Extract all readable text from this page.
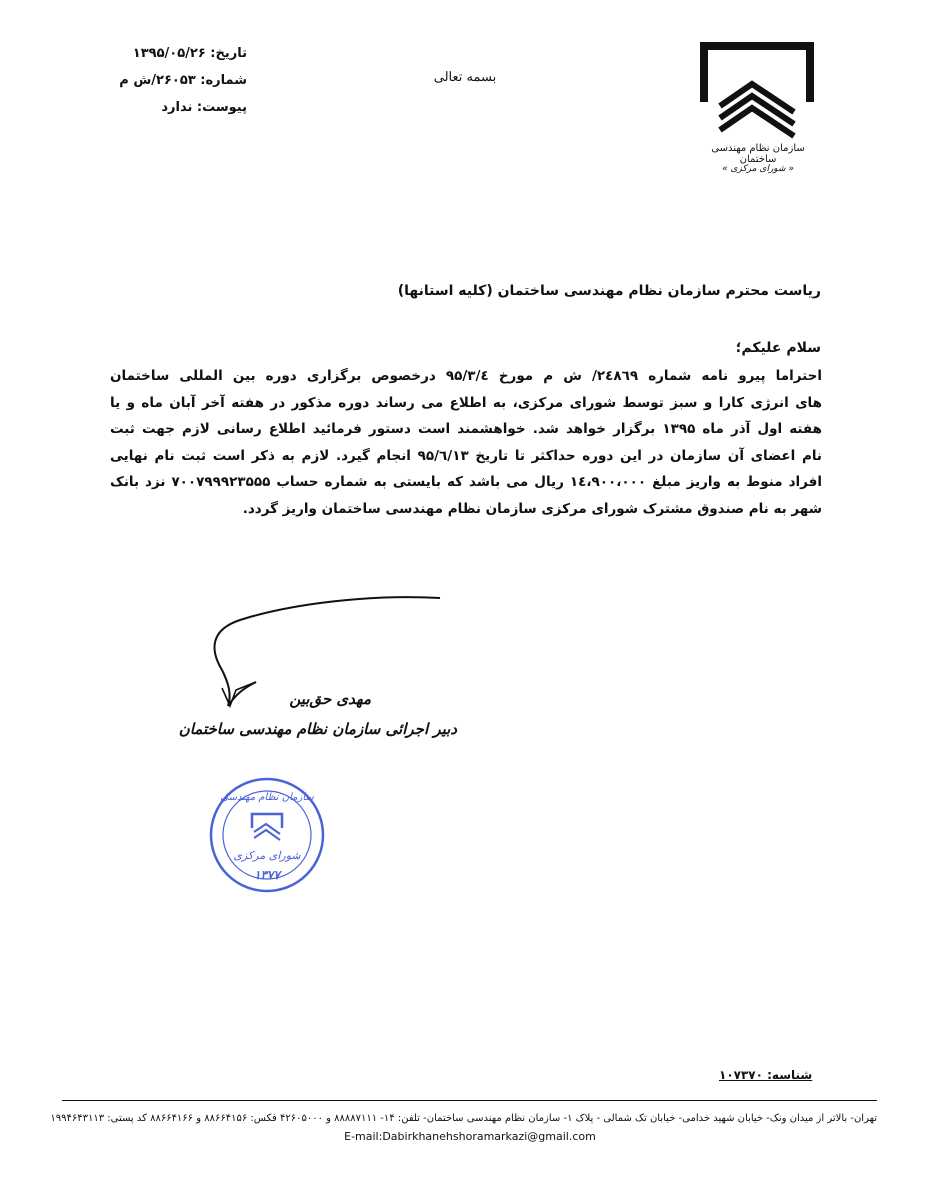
سازمان نظام مهندسی ساختمان
« شورای مرکزی »
بسمه تعالی
تاریخ: ۱۳۹۵/۰۵/۲۶
شماره: ۲۶۰۵۳/ش م
پیوست: ندارد
ریاست محترم سازمان نظام مهندسی ساختمان (کلیه استانها)
سلام علیکم؛
احتراما پیرو نامه شماره ۲٤۸٦۹/ ش م مورخ ۹۵/۳/٤ درخصوص برگزاری دوره بین المللی ساختمان
های انرژی کارا و سبز توسط شورای مرکزی، به اطلاع می رساند دوره مذکور در هفته آخر آبان ماه و یا
هفته اول آذر ماه ۱۳۹۵ برگزار خواهد شد. خواهشمند است دستور فرمائید اطلاع رسانی لازم جهت ثبت
نام اعضای آن سازمان در این دوره حداکثر تا تاریخ ۹۵/٦/۱۳ انجام گیرد. لازم به ذکر است ثبت نام نهایی
افراد منوط به واریز مبلغ ۱٤،۹۰۰،۰۰۰ ریال می باشد که بایستی به شماره حساب ۷۰۰۷۹۹۹۲۳۵۵۵ نزد بانک
شهر به نام صندوق مشترک شورای مرکزی سازمان نظام مهندسی ساختمان واریز گردد.
مهدی حق‌بین
دبیر اجرائی سازمان نظام مهندسی ساختمان
سازمان نظام مهندسی
شورای مرکزی
۱۳۷۷
شناسه: ۱۰۷۳۷۰
تهران- بالاتر از میدان ونک- خیابان شهید خدامی- خیابان تک شمالی - پلاک ۱- سازمان نظام مهندسی ساختمان- تلفن: ۱۴- ۸۸۸۸۷۱۱۱ و ۴۲۶۰۵۰۰۰ فکس: ۸۸۶۶۴۱۵۶ و ۸۸۶۶۴۱۶۶ کد پستی: ۱۹۹۴۶۴۳۱۱۳
E-mail:Dabirkhanehshoramarkazi@gmail.com
